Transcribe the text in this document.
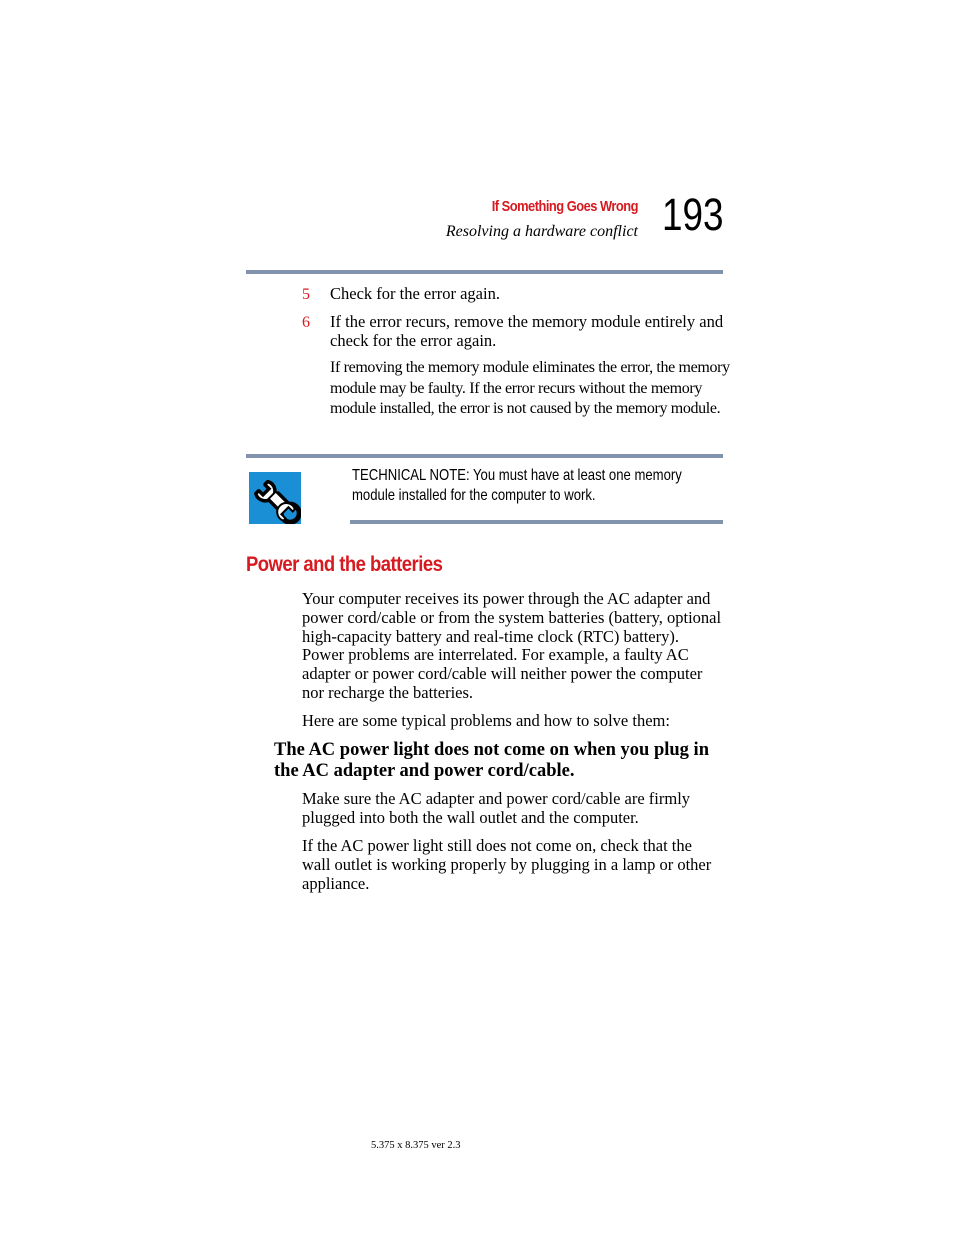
If Something Goes Wrong
Resolving a hardware conflict 193
5	Check for the error again.
6	If the error recurs, remove the memory module entirely and check for the error again.
If removing the memory module eliminates the error, the memory module may be faulty. If the error recurs without the memory module installed, the error is not caused by the memory module.
TECHNICAL NOTE: You must have at least one memory
module installed for the computer to work.
Power and the batteries
Your computer receives its power through the AC adapter and power cord/cable or from the system batteries (battery, optional high-capacity battery and real-time clock (RTC) battery). Power problems are interrelated. For example, a faulty AC adapter or power cord/cable will neither power the computer nor recharge the batteries.
Here are some typical problems and how to solve them:
The AC power light does not come on when you plug in the AC adapter and power cord/cable.
Make sure the AC adapter and power cord/cable are firmly plugged into both the wall outlet and the computer.
If the AC power light still does not come on, check that the wall outlet is working properly by plugging in a lamp or other appliance.
5.375 x 8.375 ver 2.3
